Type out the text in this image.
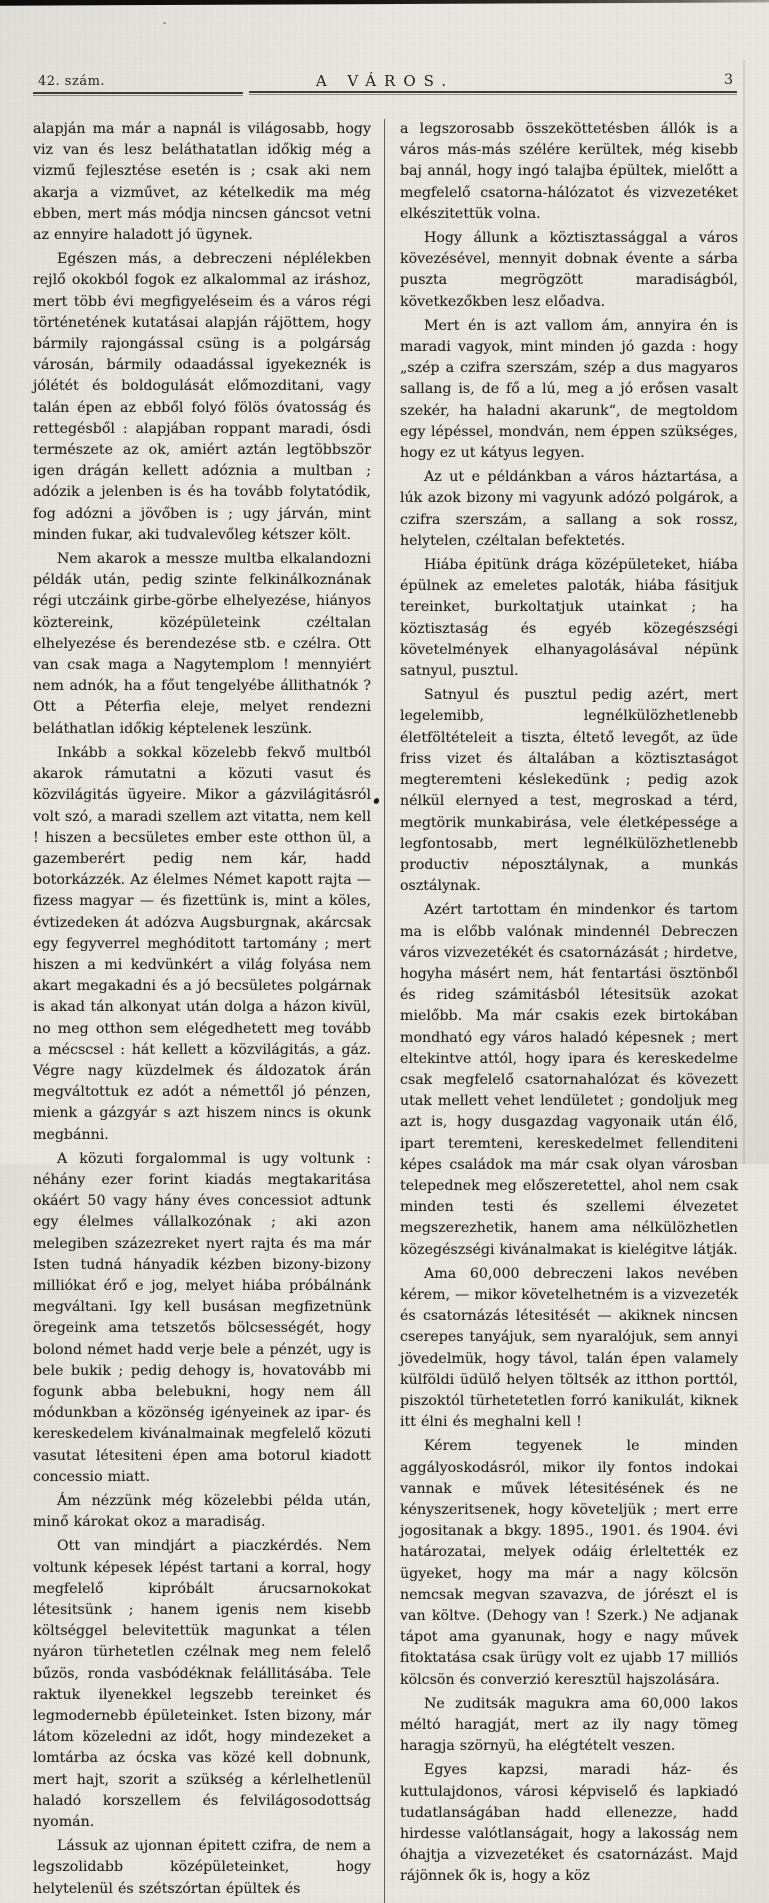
42. szám.	A VÁROS.	3

alapján ma már a napnál is világosabb, hogy viz van és lesz beláthatatlan időkig még a vizmű fejlesztése esetén is ; csak aki nem akarja a vizművet, az kételkedik ma még ebben, mert más módja nincsen gáncsot vetni az ennyire haladott jó ügynek.

Egészen más, a debreczeni néplélekben rejlő okokból fogok ez alkalommal az iráshoz, mert több évi megfigyeléseim és a város régi történetének kutatásai alapján rájöttem, hogy bármily rajongással csüng is a polgárság városán, bármily odaadással igyekeznék is jólétét és boldogulását előmozditani, vagy talán épen az ebből folyó fölös óvatosság és rettegésből : alapjában roppant maradi, ósdi természete az ok, amiért aztán legtöbbször igen drágán kellett adóznia a multban ; adózik a jelenben is és ha tovább folytatódik, fog adózni a jövőben is ; ugy járván, mint minden fukar, aki tudvalevőleg kétszer költ.

Nem akarok a messze multba elkalandozni példák után, pedig szinte felkinálkoznának régi utczáink girbe-görbe elhelyezése, hiányos köztereink, középületeink czéltalan elhelyezése és berendezése stb. e czélra. Ott van csak maga a Nagytemplom ! mennyiért nem adnók, ha a főut tengelyébe állithatnók ? Ott a Péterfia eleje, melyet rendezni beláthatlan időkig képtelenek leszünk.

Inkább a sokkal közelebb fekvő multból akarok rámutatni a közuti vasut és közvilágitás ügyeire. Mikor a gázvilágitásról volt szó, a maradi szellem azt vitatta, nem kell ! hiszen a becsületes ember este otthon ül, a gazemberért pedig nem kár, hadd botorkázzék. Az élelmes Német kapott rajta — fizess magyar — és fizettünk is, mint a köles, évtizedeken át adózva Augsburgnak, akárcsak egy fegyverrel meghóditott tartomány ; mert hiszen a mi kedvünkért a világ folyása nem akart megakadni és a jó becsületes polgárnak is akad tán alkonyat után dolga a házon kivül, no meg otthon sem elégedhetett meg tovább a mécscsel : hát kellett a közvilágitás, a gáz. Végre nagy küzdelmek és áldozatok árán megváltottuk ez adót a némettől jó pénzen, mienk a gázgyár s azt hiszem nincs is okunk megbánni.

A közuti forgalommal is ugy voltunk : néhány ezer forint kiadás megtakaritása okáért 50 vagy hány éves concessiot adtunk egy élelmes vállalkozónak ; aki azon melegiben százezreket nyert rajta és ma már Isten tudná hányadik kézben bizony-bizony milliókat érő e jog, melyet hiába próbálnánk megváltani. Igy kell busásan megfizetnünk öregeink ama tetszetős bölcsességét, hogy bolond német hadd verje bele a pénzét, ugy is bele bukik ; pedig dehogy is, hovatovább mi fogunk abba belebukni, hogy nem áll módunkban a közönség igényeinek az ipar- és kereskedelem kivánalmainak megfelelő közuti vasutat létesiteni épen ama botorul kiadott concessio miatt.

Ám nézzünk még közelebbi példa után, minő károkat okoz a maradiság.

Ott van mindjárt a piaczkérdés. Nem voltunk képesek lépést tartani a korral, hogy megfelelő kipróbált árucsarnokokat létesitsünk ; hanem igenis nem kisebb költséggel belevitettük magunkat a télen nyáron türhetetlen czélnak meg nem felelő bűzös, ronda vasbódéknak felállitásába. Tele raktuk ilyenekkel legszebb tereinket és legmodernebb épületeinket. Isten bizony, már látom közeledni az időt, hogy mindezeket a lomtárba az ócska vas közé kell dobnunk, mert hajt, szorit a szükség a kérlelhetlenül haladó korszellem és felvilágosodottság nyomán.

Lássuk az ujonnan épitett czifra, de nem a legszolidabb középületeinket, hogy helytelenül és szétszórtan épültek és

a legszorosabb összeköttetésben állók is a város más-más szélére kerültek, még kisebb baj annál, hogy ingó talajba épültek, mielőtt a megfelelő csatorna-hálózatot és vizvezetéket elkészitettük volna.

Hogy állunk a köztisztassággal a város kövezésével, mennyit dobnak évente a sárba puszta megrögzött maradiságból, következőkben lesz előadva.

Mert én is azt vallom ám, annyira én is maradi vagyok, mint minden jó gazda : hogy „szép a czifra szerszám, szép a dus magyaros sallang is, de fő a lú, meg a jó erősen vasalt szekér, ha haladni akarunk“, de megtoldom egy lépéssel, mondván, nem éppen szükséges, hogy ez ut kátyus legyen.

Az ut e példánkban a város háztartása, a lúk azok bizony mi vagyunk adózó polgárok, a czifra szerszám, a sallang a sok rossz, helytelen, czéltalan befektetés.

Hiába épitünk drága középületeket, hiába épülnek az emeletes paloták, hiába fásitjuk tereinket, burkoltatjuk utainkat ; ha köztisztaság és egyéb közegészségi követelmények elhanyagolásával népünk satnyul, pusztul.

Satnyul és pusztul pedig azért, mert legelemibb, legnélkülözhetlenebb életföltételeit a tiszta, éltető levegőt, az üde friss vizet és általában a köztisztaságot megteremteni késlekedünk ; pedig azok nélkül elernyed a test, megroskad a térd, megtörik munkabirása, vele életképessége a legfontosabb, mert legnélkülözhetlenebb productiv néposztálynak, a munkás osztálynak.

Azért tartottam én mindenkor és tartom ma is előbb valónak mindennél Debreczen város vizvezetékét és csatornázását ; hirdetve, hogyha másért nem, hát fentartási ösztönből és rideg számitásból létesitsük azokat mielőbb. Ma már csakis ezek birtokában mondható egy város haladó képesnek ; mert eltekintve attól, hogy ipara és kereskedelme csak megfelelő csatornahalózat és kövezett utak mellett vehet lendületet ; gondoljuk meg azt is, hogy dusgazdag vagyonaik után élő, ipart teremteni, kereskedelmet fellenditeni képes családok ma már csak olyan városban telepednek meg előszeretettel, ahol nem csak minden testi és szellemi élvezetet megszerezhetik, hanem ama nélkülözhetlen közegészségi kivánalmakat is kielégitve látják.

Ama 60,000 debreczeni lakos nevében kérem, — mikor követelhetném is a vizvezeték és csatornázás létesitését — akiknek nincsen cserepes tanyájuk, sem nyaralójuk, sem annyi jövedelmük, hogy távol, talán épen valamely külföldi üdülő helyen töltsék az itthon porttól, piszoktól türhetetetlen forró kanikulát, kiknek itt élni és meghalni kell !

Kérem tegyenek le minden aggályoskodásról, mikor ily fontos indokai vannak e művek létesitésének és ne kényszeritsenek, hogy követeljük ; mert erre jogositanak a bkgy. 1895., 1901. és 1904. évi határozatai, melyek odáig érleltették ez ügyeket, hogy ma már a nagy kölcsön nemcsak megvan szavazva, de jórészt el is van költve. (Dehogy van ! Szerk.) Ne adjanak tápot ama gyanunak, hogy e nagy művek fitoktatása csak ürügy volt ez ujabb 17 milliós kölcsön és converzió keresztül hajszolására.

Ne zuditsák magukra ama 60,000 lakos méltó haragját, mert az ily nagy tömeg haragja szörnyü, ha elégtételt veszen.

Egyes kapzsi, maradi ház- és kuttulajdonos, városi képviselő és lapkiadó tudatlanságában hadd ellenezze, hadd hirdesse valótlanságait, hogy a lakosság nem óhajtja a vizvezetéket és csatornázást. Majd rájönnek ők is, hogy a köz
